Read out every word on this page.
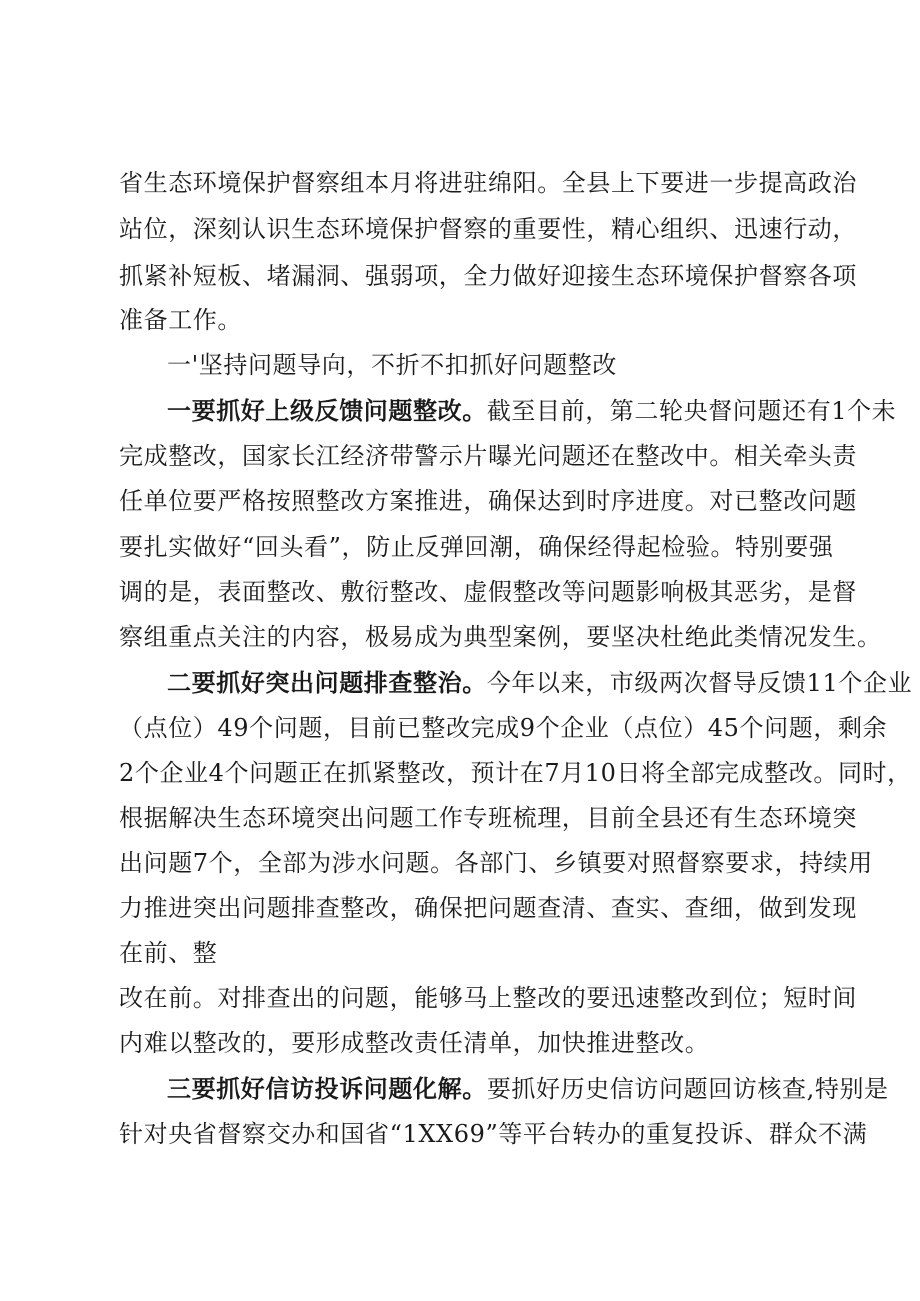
省生态环境保护督察组本月将进驻绵阳。全县上下要进一步提高政治
站位，深刻认识生态环境保护督察的重要性，精心组织、迅速行动，
抓紧补短板、堵漏洞、强弱项，全力做好迎接生态环境保护督察各项
准备工作。
一'坚持问题导向，不折不扣抓好问题整改
一要抓好上级反馈问题整改。截至目前，第二轮央督问题还有1个未
完成整改，国家长江经济带警示片曝光问题还在整改中。相关牵头责
任单位要严格按照整改方案推进，确保达到时序进度。对已整改问题
要扎实做好“回头看”，防止反弹回潮，确保经得起检验。特别要强
调的是，表面整改、敷衍整改、虚假整改等问题影响极其恶劣，是督
察组重点关注的内容，极易成为典型案例，要坚决杜绝此类情况发生。
二要抓好突出问题排查整治。今年以来，市级两次督导反馈11个企业
（点位）49个问题，目前已整改完成9个企业（点位）45个问题，剩余
2个企业4个问题正在抓紧整改，预计在7月10日将全部完成整改。同时，
根据解决生态环境突出问题工作专班梳理，目前全县还有生态环境突
出问题7个，全部为涉水问题。各部门、乡镇要对照督察要求，持续用
力推进突出问题排查整改，确保把问题查清、查实、查细，做到发现
在前、整
改在前。对排查出的问题，能够马上整改的要迅速整改到位；短时间
内难以整改的，要形成整改责任清单，加快推进整改。
三要抓好信访投诉问题化解。要抓好历史信访问题回访核查,特别是
针对央省督察交办和国省“1XX69”等平台转办的重复投诉、群众不满
